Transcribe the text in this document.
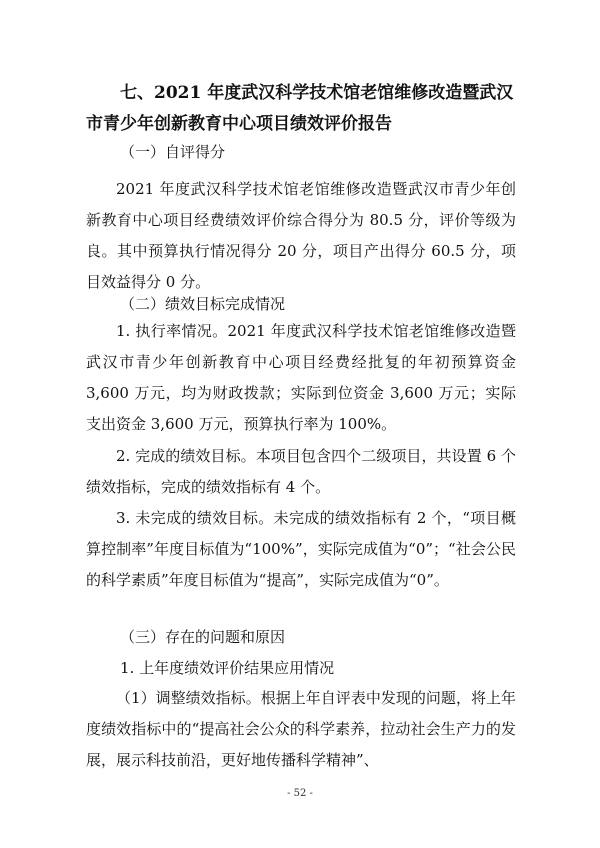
七、2021 年度武汉科学技术馆老馆维修改造暨武汉市青少年创新教育中心项目绩效评价报告
（一）自评得分
2021 年度武汉科学技术馆老馆维修改造暨武汉市青少年创新教育中心项目经费绩效评价综合得分为 80.5 分，评价等级为良。其中预算执行情况得分 20 分，项目产出得分 60.5 分，项目效益得分 0 分。
（二）绩效目标完成情况
1. 执行率情况。2021 年度武汉科学技术馆老馆维修改造暨武汉市青少年创新教育中心项目经费经批复的年初预算资金 3,600 万元，均为财政拨款；实际到位资金 3,600 万元；实际支出资金 3,600 万元，预算执行率为 100%。
2. 完成的绩效目标。本项目包含四个二级项目，共设置 6 个绩效指标，完成的绩效指标有 4 个。
3. 未完成的绩效目标。未完成的绩效指标有 2 个，“项目概算控制率”年度目标值为“100%”，实际完成值为“0”；“社会公民的科学素质”年度目标值为“提高”，实际完成值为“0”。
（三）存在的问题和原因
1. 上年度绩效评价结果应用情况
（1）调整绩效指标。根据上年自评表中发现的问题，将上年度绩效指标中的“提高社会公众的科学素养，拉动社会生产力的发展，展示科技前沿，更好地传播科学精神”、
- 52 -
